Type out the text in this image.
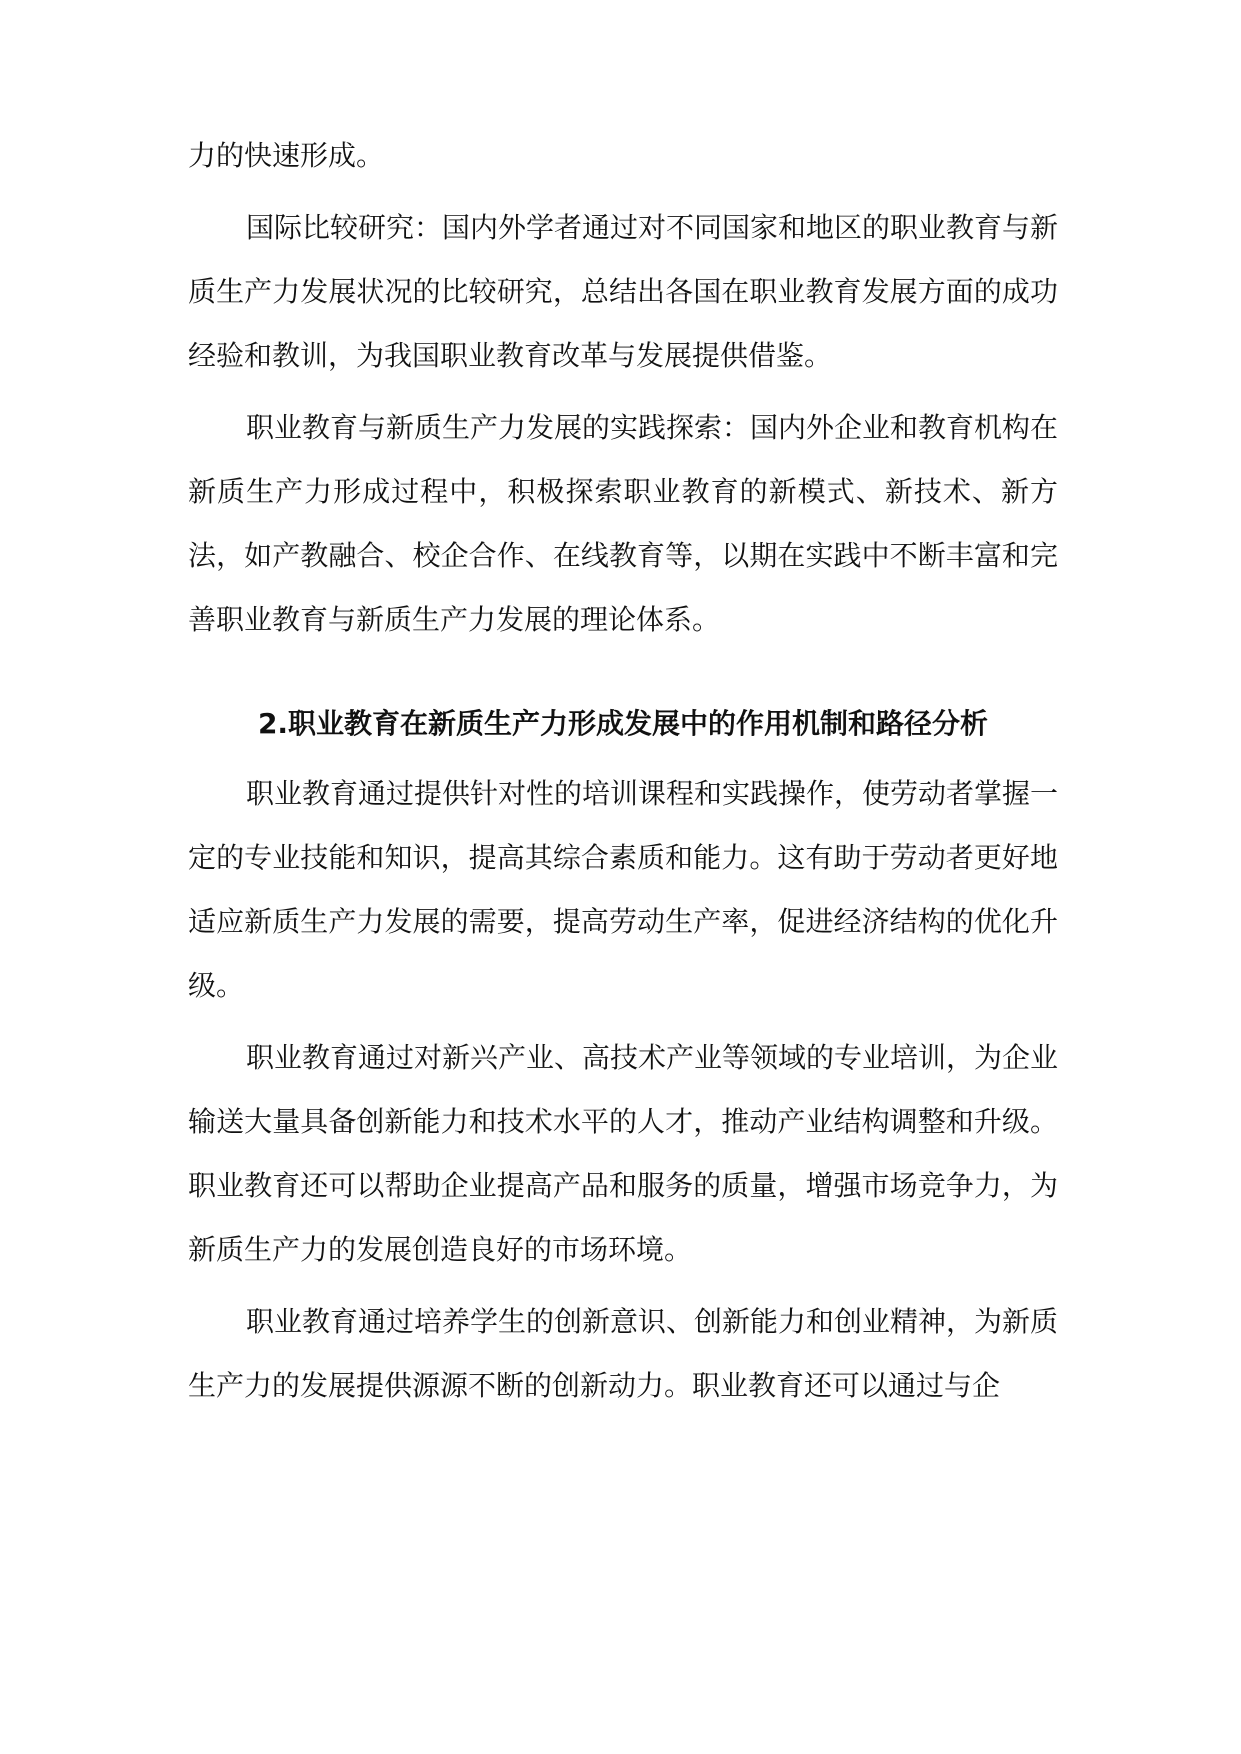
力的快速形成。

国际比较研究：国内外学者通过对不同国家和地区的职业教育与新质生产力发展状况的比较研究，总结出各国在职业教育发展方面的成功经验和教训，为我国职业教育改革与发展提供借鉴。

职业教育与新质生产力发展的实践探索：国内外企业和教育机构在新质生产力形成过程中，积极探索职业教育的新模式、新技术、新方法，如产教融合、校企合作、在线教育等，以期在实践中不断丰富和完善职业教育与新质生产力发展的理论体系。

2.职业教育在新质生产力形成发展中的作用机制和路径分析

职业教育通过提供针对性的培训课程和实践操作，使劳动者掌握一定的专业技能和知识，提高其综合素质和能力。这有助于劳动者更好地适应新质生产力发展的需要，提高劳动生产率，促进经济结构的优化升级。

职业教育通过对新兴产业、高技术产业等领域的专业培训，为企业输送大量具备创新能力和技术水平的人才，推动产业结构调整和升级。职业教育还可以帮助企业提高产品和服务的质量，增强市场竞争力，为新质生产力的发展创造良好的市场环境。

职业教育通过培养学生的创新意识、创新能力和创业精神，为新质生产力的发展提供源源不断的创新动力。职业教育还可以通过与企
